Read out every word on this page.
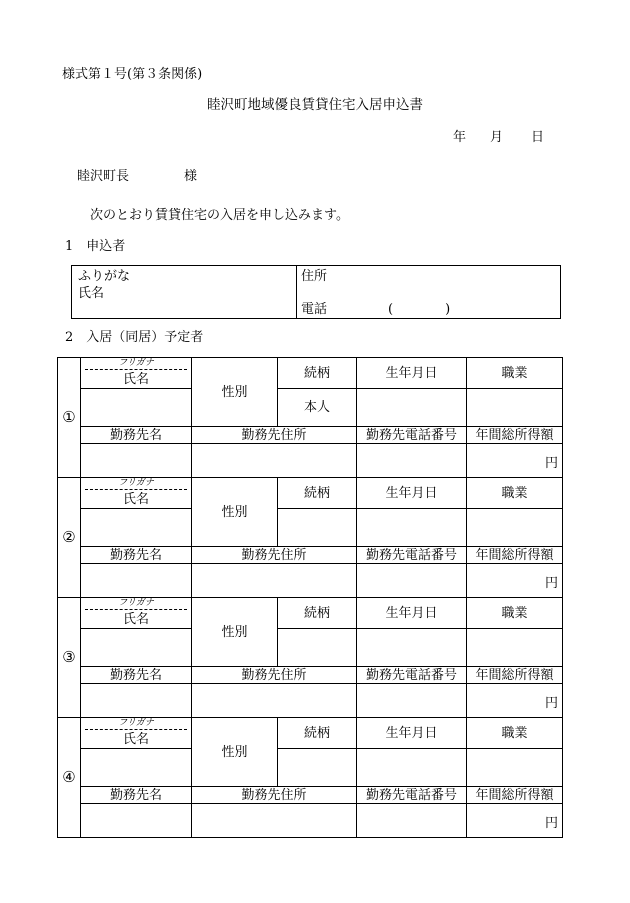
様式第１号(第３条関係)
睦沢町地域優良賃貸住宅入居申込書
年 月 日
睦沢町長	様
次のとおり賃貸住宅の入居を申し込みます。
1　申込者
ふりがな
氏名
住所
電話	(　　　　)
2　入居（同居）予定者
①	フリガナ
氏名	性別	続柄	生年月日	職業
			本人		
	勤務先名	勤務先住所		勤務先電話番号	年間総所得額
					円
②	フリガナ
氏名	性別	続柄	生年月日	職業

	勤務先名	勤務先住所		勤務先電話番号	年間総所得額
					円
③	フリガナ
氏名	性別	続柄	生年月日	職業

	勤務先名	勤務先住所		勤務先電話番号	年間総所得額
					円
④	フリガナ
氏名	性別	続柄	生年月日	職業

	勤務先名	勤務先住所		勤務先電話番号	年間総所得額
					円
